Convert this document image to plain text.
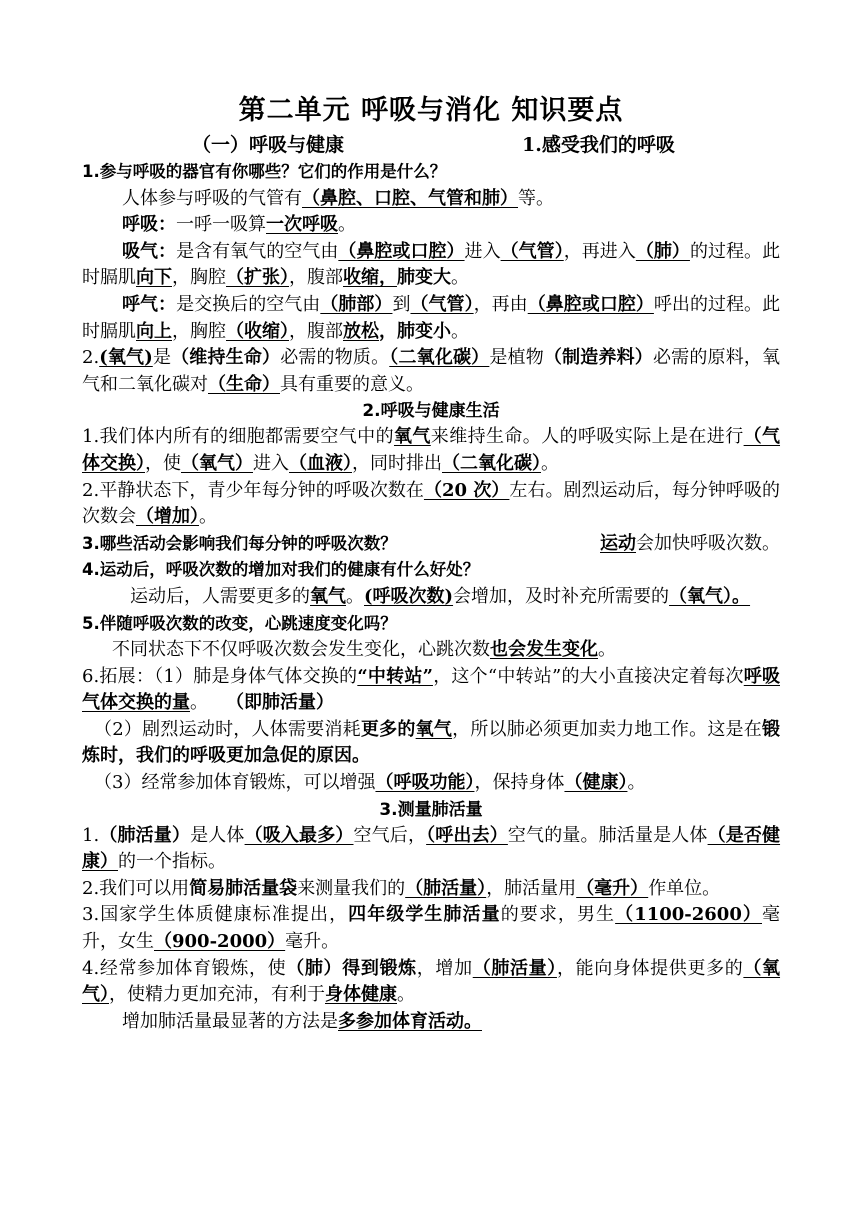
第二单元 呼吸与消化 知识要点
（一）呼吸与健康	1.感受我们的呼吸

1.参与呼吸的器官有你哪些？它们的作用是什么？

人体参与呼吸的气管有（鼻腔、口腔、气管和肺）等。

呼吸：一呼一吸算一次呼吸。

吸气：是含有氧气的空气由（鼻腔或口腔）进入（气管），再进入（肺）的过程。此时膈肌向下，胸腔（扩张），腹部收缩，肺变大。

呼气：是交换后的空气由（肺部）到（气管），再由（鼻腔或口腔）呼出的过程。此时膈肌向上，胸腔（收缩），腹部放松，肺变小。

2.(氧气)是（维持生命）必需的物质。（二氧化碳）是植物（制造养料）必需的原料，氧气和二氧化碳对（生命）具有重要的意义。

2.呼吸与健康生活

1.我们体内所有的细胞都需要空气中的氧气来维持生命。人的呼吸实际上是在进行（气体交换），使（氧气）进入（血液），同时排出（二氧化碳）。

2.平静状态下，青少年每分钟的呼吸次数在（20 次）左右。剧烈运动后，每分钟呼吸的次数会（增加）。

3.哪些活动会影响我们每分钟的呼吸次数？	运动会加快呼吸次数。

4.运动后，呼吸次数的增加对我们的健康有什么好处？

运动后，人需要更多的氧气。(呼吸次数)会增加，及时补充所需要的（氧气）。

5.伴随呼吸次数的改变，心跳速度变化吗？

不同状态下不仅呼吸次数会发生变化，心跳次数也会发生变化。

6.拓展：（1）肺是身体气体交换的“中转站”，这个“中转站”的大小直接决定着每次呼吸气体交换的量。　　（即肺活量）

（2）剧烈运动时，人体需要消耗更多的氧气，所以肺必须更加卖力地工作。这是在锻炼时，我们的呼吸更加急促的原因。

（3）经常参加体育锻炼，可以增强（呼吸功能），保持身体（健康）。

3.测量肺活量

1.（肺活量）是人体（吸入最多）空气后，（呼出去）空气的量。肺活量是人体（是否健康）的一个指标。

2.我们可以用简易肺活量袋来测量我们的（肺活量），肺活量用（毫升）作单位。

3.国家学生体质健康标准提出，四年级学生肺活量的要求，男生（1100-2600）毫升，女生（900-2000）毫升。

4.经常参加体育锻炼，使（肺）得到锻炼，增加（肺活量），能向身体提供更多的（氧气），使精力更加充沛，有利于身体健康。

增加肺活量最显著的方法是多参加体育活动。
